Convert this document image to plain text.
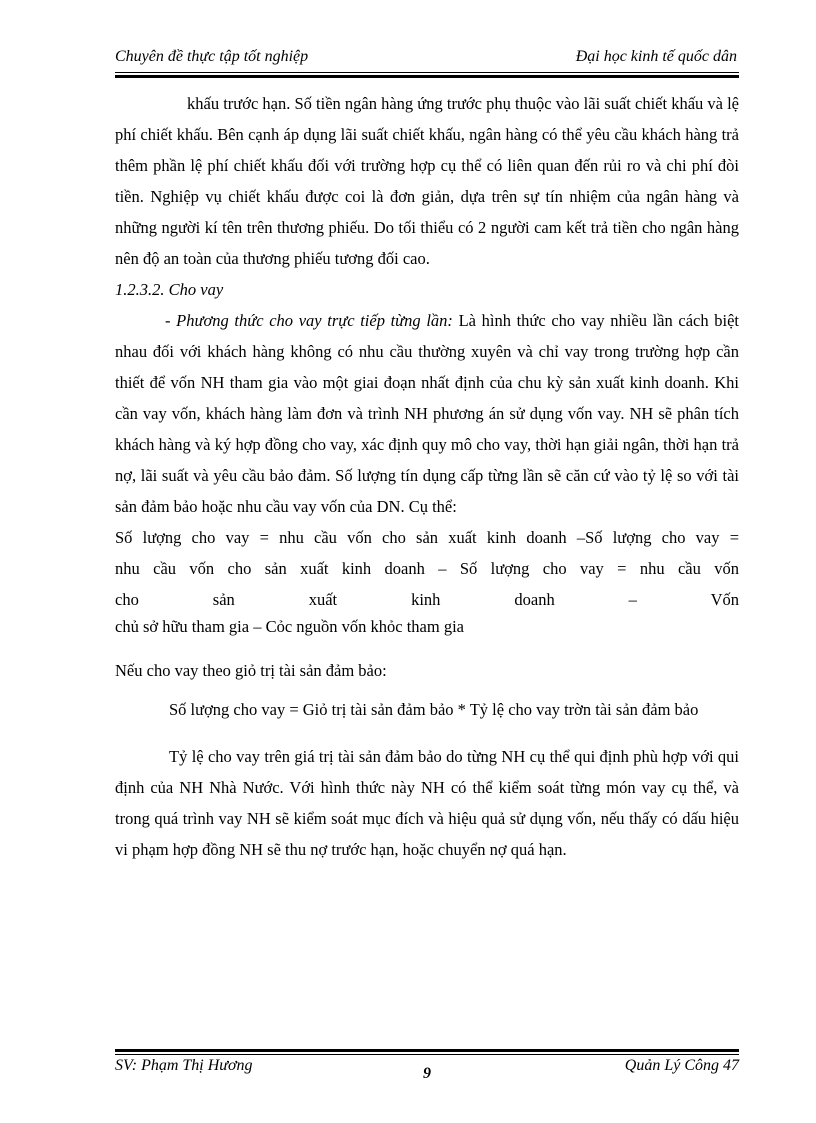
Chuyên đề thực tập tốt nghiệp	Đại học kinh tế quốc dân

khấu trước hạn. Số tiền ngân hàng ứng trước phụ thuộc vào lãi suất chiết khấu và lệ phí chiết khấu. Bên cạnh áp dụng lãi suất chiết khấu, ngân hàng có thể yêu cầu khách hàng trả thêm phần lệ phí chiết khấu đối với trường hợp cụ thể có liên quan đến rủi ro và chi phí đòi tiền. Nghiệp vụ chiết khấu được coi là đơn giản, dựa trên sự tín nhiệm của ngân hàng và những người kí tên trên thương phiếu. Do tối thiểu có 2 người cam kết trả tiền cho ngân hàng nên độ an toàn của thương phiếu tương đối cao.

1.2.3.2. Cho vay

- Phương thức cho vay trực tiếp từng lần: Là hình thức cho vay nhiều lần cách biệt nhau đối với khách hàng không có nhu cầu thường xuyên và chỉ vay trong trường hợp cần thiết để vốn NH tham gia vào một giai đoạn nhất định của chu kỳ sản xuất kinh doanh. Khi cần vay vốn, khách hàng làm đơn và trình NH phương án sử dụng vốn vay. NH sẽ phân tích khách hàng và ký hợp đồng cho vay, xác định quy mô cho vay, thời hạn giải ngân, thời hạn trả nợ, lãi suất và yêu cầu bảo đảm. Số lượng tín dụng cấp từng lần sẽ căn cứ vào tỷ lệ so với tài sản đảm bảo hoặc nhu cầu vay vốn của DN. Cụ thể:

Số lượng cho vay = nhu cầu vốn cho sản xuất kinh doanh –Số lượng cho vay =

nhu cầu vốn cho sản xuất kinh doanh – Số lượng cho vay = nhu cầu vốn

cho sản xuất kinh doanh – Vốn

chủ sở hữu tham gia – Cỏc nguồn vốn khỏc tham gia

Nếu cho vay theo giỏ trị tài sản đảm bảo:

Số lượng cho vay = Giỏ trị tài sản đảm bảo * Tỷ lệ cho vay trờn tài sản đảm bảo

Tỷ lệ cho vay trên giá trị tài sản đảm bảo do từng NH cụ thể qui định phù hợp với qui định của NH Nhà Nước. Với hình thức này NH có thể kiểm soát từng món vay cụ thể, và trong quá trình vay NH sẽ kiểm soát mục đích và hiệu quả sử dụng vốn, nếu thấy có dấu hiệu vi phạm hợp đồng NH sẽ thu nợ trước hạn, hoặc chuyển nợ quá hạn.

SV: Phạm Thị Hương	9	Quản Lý Công 47
